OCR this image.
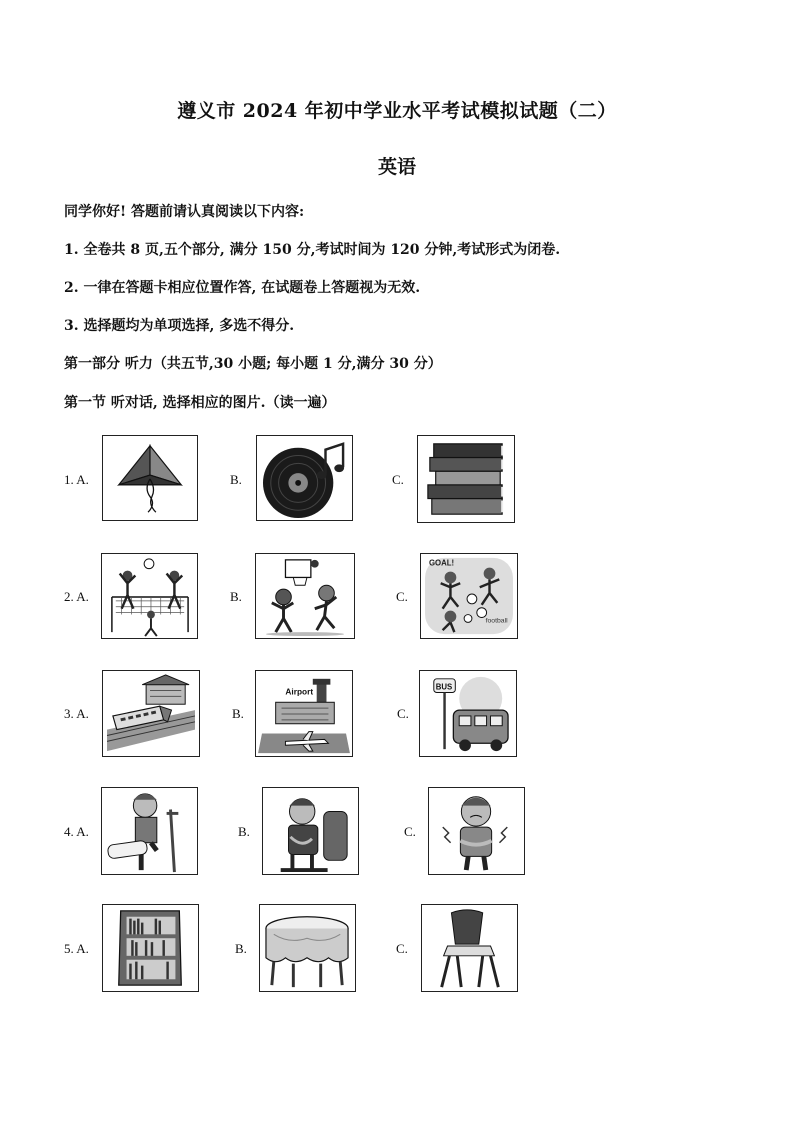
遵义市 2024 年初中学业水平考试模拟试题（二）
英语
同学你好! 答题前请认真阅读以下内容:
1. 全卷共 8 页,五个部分, 满分 150 分,考试时间为 120 分钟,考试形式为闭卷.
2. 一律在答题卡相应位置作答, 在试题卷上答题视为无效.
3. 选择题均为单项选择, 多选不得分.
第一部分 听力（共五节,30 小题; 每小题 1 分,满分 30 分）
第一节 听对话, 选择相应的图片.（读一遍）
1. A.	B.	C.
2. A.	B.	C.
GOAL!
football
3. A.	B.
Airport
C.
BUS
4. A.	B.	C.
5. A.	B.	C.
